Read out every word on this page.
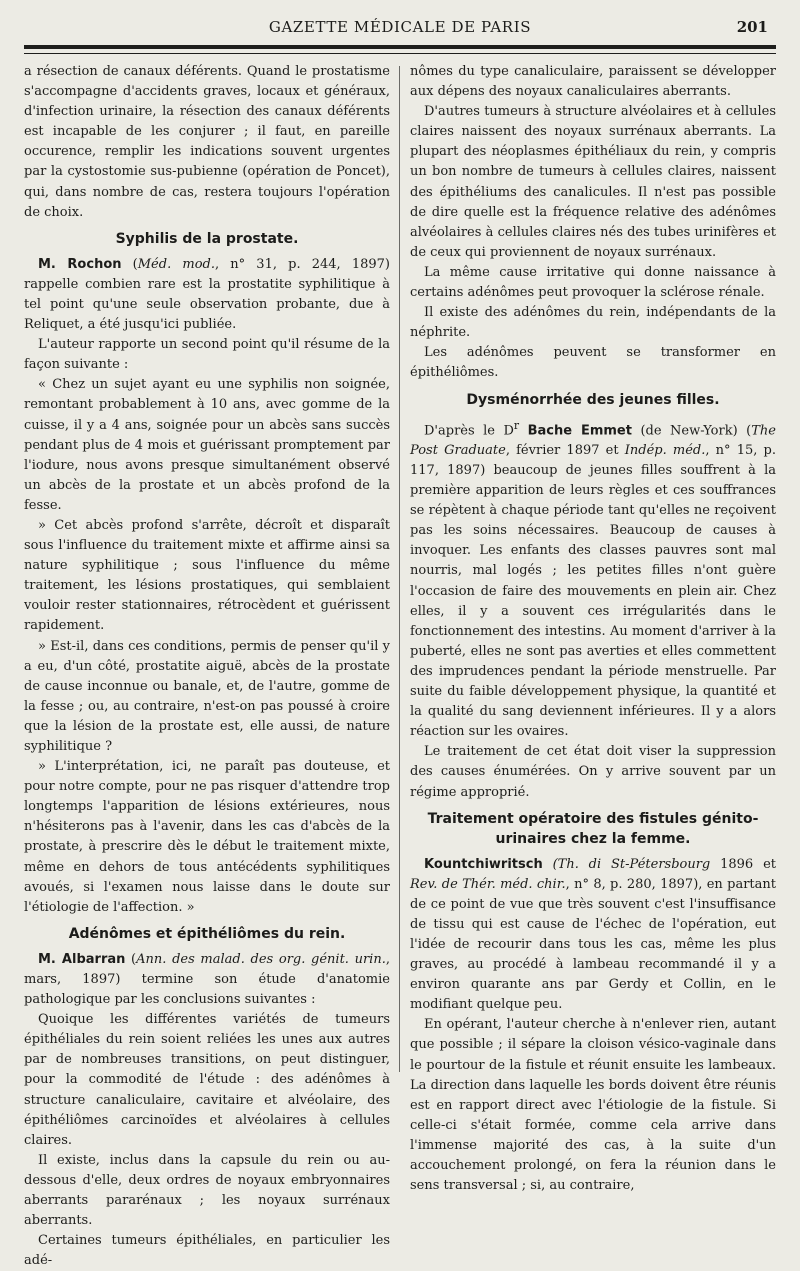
GAZETTE MÉDICALE DE PARIS	201

a résection de canaux déférents. Quand le prostatisme s'accompagne d'accidents graves, locaux et généraux, d'infection urinaire, la résection des canaux déférents est incapable de les conjurer ; il faut, en pareille occurence, remplir les indications souvent urgentes par la cystostomie sus-pubienne (opération de Poncet), qui, dans nombre de cas, restera toujours l'opération de choix.

Syphilis de la prostate.

M. Rochon (Méd. mod., n° 31, p. 244, 1897) rappelle combien rare est la prostatite syphilitique à tel point qu'une seule observation probante, due à Reliquet, a été jusqu'ici publiée.

L'auteur rapporte un second point qu'il résume de la façon suivante :

« Chez un sujet ayant eu une syphilis non soignée, remontant probablement à 10 ans, avec gomme de la cuisse, il y a 4 ans, soignée pour un abcès sans succès pendant plus de 4 mois et guérissant promptement par l'iodure, nous avons presque simultanément observé un abcès de la prostate et un abcès profond de la fesse.

» Cet abcès profond s'arrête, décroît et disparaît sous l'influence du traitement mixte et affirme ainsi sa nature syphilitique ; sous l'influence du même traitement, les lésions prostatiques, qui semblaient vouloir rester stationnaires, rétrocèdent et guérissent rapidement.

» Est-il, dans ces conditions, permis de penser qu'il y a eu, d'un côté, prostatite aiguë, abcès de la prostate de cause inconnue ou banale, et, de l'autre, gomme de la fesse ; ou, au contraire, n'est-on pas poussé à croire que la lésion de la prostate est, elle aussi, de nature syphilitique ?

» L'interprétation, ici, ne paraît pas douteuse, et pour notre compte, pour ne pas risquer d'attendre trop longtemps l'apparition de lésions extérieures, nous n'hésiterons pas à l'avenir, dans les cas d'abcès de la prostate, à prescrire dès le début le traitement mixte, même en dehors de tous antécédents syphilitiques avoués, si l'examen nous laisse dans le doute sur l'étiologie de l'affection. »

Adénômes et épithéliômes du rein.

M. Albarran (Ann. des malad. des org. génit. urin., mars, 1897) termine son étude d'anatomie pathologique par les conclusions suivantes :

Quoique les différentes variétés de tumeurs épithéliales du rein soient reliées les unes aux autres par de nombreuses transitions, on peut distinguer, pour la commodité de l'étude : des adénômes à structure canaliculaire, cavitaire et alvéolaire, des épithéliômes carcinoïdes et alvéolaires à cellules claires.

Il existe, inclus dans la capsule du rein ou au-dessous d'elle, deux ordres de noyaux embryonnaires aberrants pararénaux ; les noyaux surrénaux aberrants.

Certaines tumeurs épithéliales, en particulier les adé-

nômes du type canaliculaire, paraissent se développer aux dépens des noyaux canaliculaires aberrants.

D'autres tumeurs à structure alvéolaires et à cellules claires naissent des noyaux surrénaux aberrants. La plupart des néoplasmes épithéliaux du rein, y compris un bon nombre de tumeurs à cellules claires, naissent des épithéliums des canalicules. Il n'est pas possible de dire quelle est la fréquence relative des adénômes alvéolaires à cellules claires nés des tubes urinifères et de ceux qui proviennent de noyaux surrénaux.

La même cause irritative qui donne naissance à certains adénômes peut provoquer la sclérose rénale.

Il existe des adénômes du rein, indépendants de la néphrite.

Les adénômes peuvent se transformer en épithéliômes.

Dysménorrhée des jeunes filles.

D'après le $D^r$ Bache Emmet (de New-York) (The Post Graduate, février 1897 et Indép. méd., n° 15, p. 117, 1897) beaucoup de jeunes filles souffrent à la première apparition de leurs règles et ces souffrances se répètent à chaque période tant qu'elles ne reçoivent pas les soins nécessaires. Beaucoup de causes à invoquer. Les enfants des classes pauvres sont mal nourris, mal logés ; les petites filles n'ont guère l'occasion de faire des mouvements en plein air. Chez elles, il y a souvent ces irrégularités dans le fonctionnement des intestins. Au moment d'arriver à la puberté, elles ne sont pas averties et elles commettent des imprudences pendant la période menstruelle. Par suite du faible développement physique, la quantité et la qualité du sang deviennent inférieures. Il y a alors réaction sur les ovaires.

Le traitement de cet état doit viser la suppression des causes énumérées. On y arrive souvent par un régime approprié.

Traitement opératoire des fistules génito-urinaires chez la femme.

Kountchiwritsch (Th. di St-Pétersbourg 1896 et Rev. de Thér. méd. chir., n° 8, p. 280, 1897), en partant de ce point de vue que très souvent c'est l'insuffisance de tissu qui est cause de l'échec de l'opération, eut l'idée de recourir dans tous les cas, même les plus graves, au procédé à lambeau recommandé il y a environ quarante ans par Gerdy et Collin, en le modifiant quelque peu.

En opérant, l'auteur cherche à n'enlever rien, autant que possible ; il sépare la cloison vésico-vaginale dans le pourtour de la fistule et réunit ensuite les lambeaux. La direction dans laquelle les bords doivent être réunis est en rapport direct avec l'étiologie de la fistule. Si celle-ci s'était formée, comme cela arrive dans l'immense majorité des cas, à la suite d'un accouchement prolongé, on fera la réunion dans le sens transversal ; si, au contraire,
